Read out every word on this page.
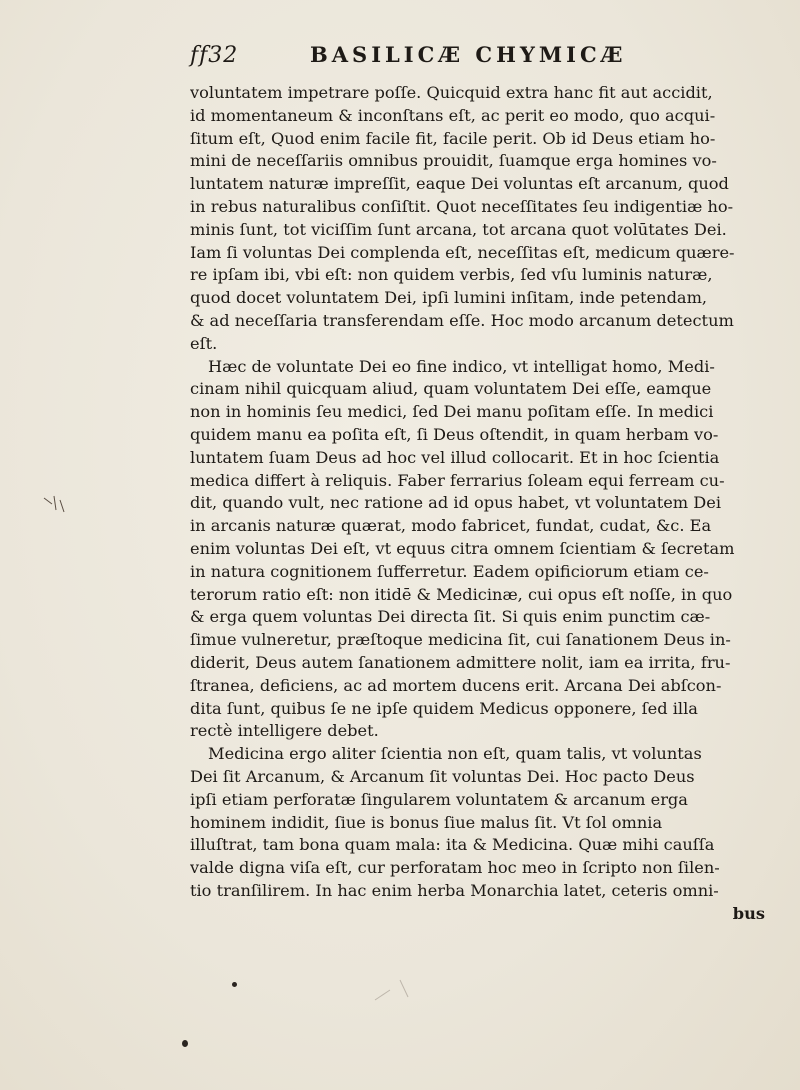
ff32	BASILICÆ CHYMICÆ
voluntatem impetrare poſſe. Quicquid extra hanc fit aut accidit,
id momentaneum & inconſtans eſt, ac perit eo modo, quo acqui-
ſitum eſt, Quod enim facile fit, facile perit. Ob id Deus etiam ho-
mini de neceſſariis omnibus prouidit, ſuamque erga homines vo-
luntatem naturæ impreſſit, eaque Dei voluntas eſt arcanum, quod
in rebus naturalibus conſiſtit. Quot neceſſitates ſeu indigentiæ ho-
minis ſunt, tot viciſſim ſunt arcana, tot arcana quot volūtates Dei.
Iam ſi voluntas Dei complenda eſt, neceſſitas eſt, medicum quære-
re ipſam ibi, vbi eſt: non quidem verbis, ſed vſu luminis naturæ,
quod docet voluntatem Dei, ipſi lumini inſitam, inde petendam,
& ad neceſſaria transferendam eſſe. Hoc modo arcanum detectum
eſt.
Hæc de voluntate Dei eo fine indico, vt intelligat homo, Medi-
cinam nihil quicquam aliud, quam voluntatem Dei eſſe, eamque
non in hominis ſeu medici, ſed Dei manu poſitam eſſe. In medici
quidem manu ea poſita eſt, ſi Deus oſtendit, in quam herbam vo-
luntatem ſuam Deus ad hoc vel illud collocarit. Et in hoc ſcientia
medica differt à reliquis. Faber ferrarius ſoleam equi ferream cu-
dit, quando vult, nec ratione ad id opus habet, vt voluntatem Dei
in arcanis naturæ quærat, modo fabricet, fundat, cudat, &c. Ea
enim voluntas Dei eſt, vt equus citra omnem ſcientiam & ſecretam
in natura cognitionem ſufferretur. Eadem opificiorum etiam ce-
terorum ratio eſt: non itidē & Medicinæ, cui opus eſt noſſe, in quo
& erga quem voluntas Dei directa ſit. Si quis enim punctim cæ-
ſimue vulneretur, præſtoque medicina ſit, cui ſanationem Deus in-
diderit, Deus autem ſanationem admittere nolit, iam ea irrita, fru-
ſtranea, deficiens, ac ad mortem ducens erit. Arcana Dei abſcon-
dita ſunt, quibus ſe ne ipſe quidem Medicus opponere, ſed illa
rectè intelligere debet.
Medicina ergo aliter ſcientia non eſt, quam talis, vt voluntas
Dei ſit Arcanum, & Arcanum ſit voluntas Dei. Hoc pacto Deus
ipſi etiam perforatæ ſingularem voluntatem & arcanum erga
hominem indidit, ſiue is bonus ſiue malus ſit. Vt ſol omnia
illuſtrat, tam bona quam mala: ita & Medicina. Quæ mihi cauſſa
valde digna viſa eſt, cur perforatam hoc meo in ſcripto non ſilen-
tio tranſilirem. In hac enim herba Monarchia latet, ceteris omni-
bus
